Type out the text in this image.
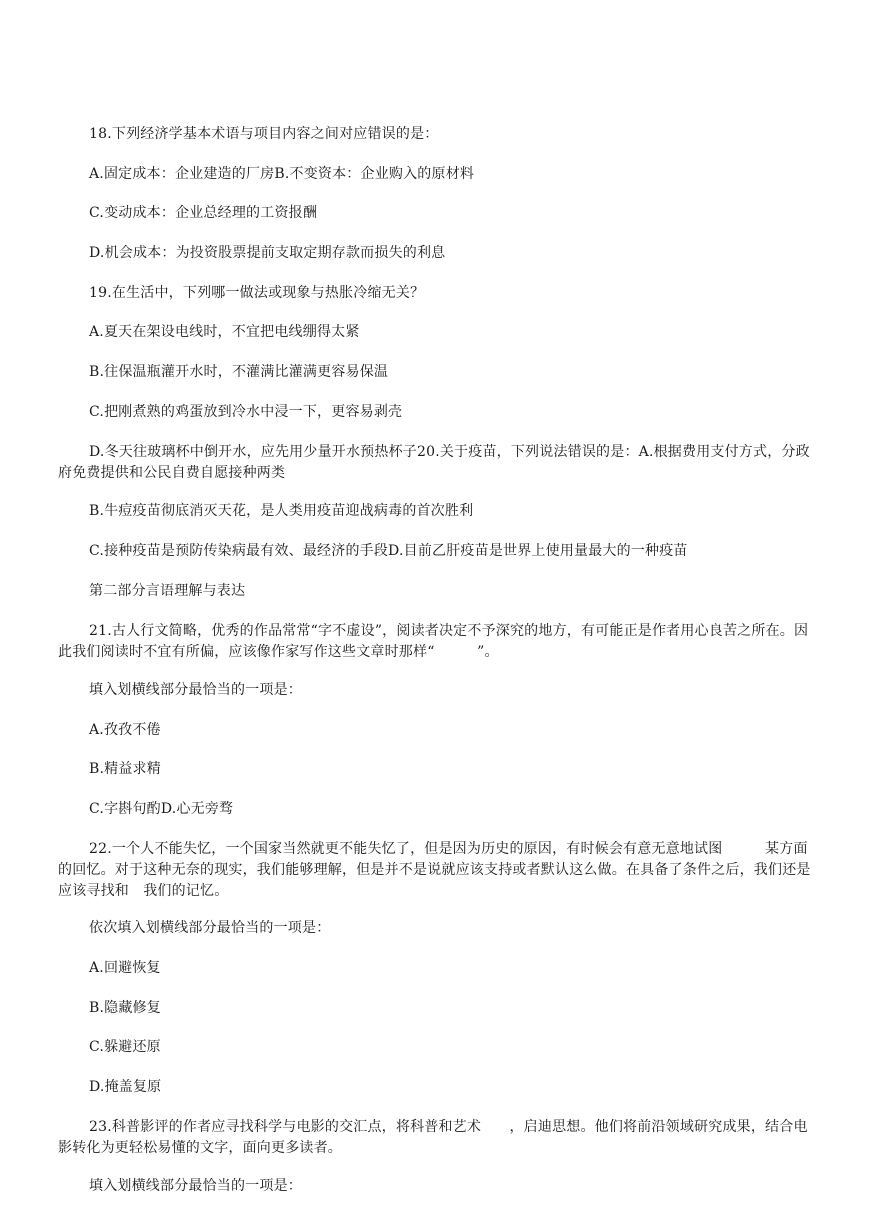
18.下列经济学基本术语与项目内容之间对应错误的是：

A.固定成本：企业建造的厂房B.不变资本：企业购入的原材料

C.变动成本：企业总经理的工资报酬

D.机会成本：为投资股票提前支取定期存款而损失的利息

19.在生活中，下列哪一做法或现象与热胀冷缩无关？

A.夏天在架设电线时，不宜把电线绷得太紧

B.往保温瓶灌开水时，不灌满比灌满更容易保温

C.把刚煮熟的鸡蛋放到冷水中浸一下，更容易剥壳

D.冬天往玻璃杯中倒开水，应先用少量开水预热杯子20.关于疫苗，下列说法错误的是：A.根据费用支付方式，分政府免费提供和公民自费自愿接种两类

B.牛痘疫苗彻底消灭天花，是人类用疫苗迎战病毒的首次胜利

C.接种疫苗是预防传染病最有效、最经济的手段D.目前乙肝疫苗是世界上使用量最大的一种疫苗

第二部分言语理解与表达

21.古人行文简略，优秀的作品常常“字不虚设”，阅读者决定不予深究的地方，有可能正是作者用心良苦之所在。因此我们阅读时不宜有所偏，应该像作家写作这些文章时那样“　　　”。

填入划横线部分最恰当的一项是：

A.孜孜不倦

B.精益求精

C.字斟句酌D.心无旁骛

22.一个人不能失忆，一个国家当然就更不能失忆了，但是因为历史的原因，有时候会有意无意地试图　　　某方面的回忆。对于这种无奈的现实，我们能够理解，但是并不是说就应该支持或者默认这么做。在具备了条件之后，我们还是应该寻找和　我们的记忆。

依次填入划横线部分最恰当的一项是：

A.回避恢复

B.隐藏修复

C.躲避还原

D.掩盖复原

23.科普影评的作者应寻找科学与电影的交汇点，将科普和艺术　　，启迪思想。他们将前沿领域研究成果，结合电影转化为更轻松易懂的文字，面向更多读者。

填入划横线部分最恰当的一项是：
